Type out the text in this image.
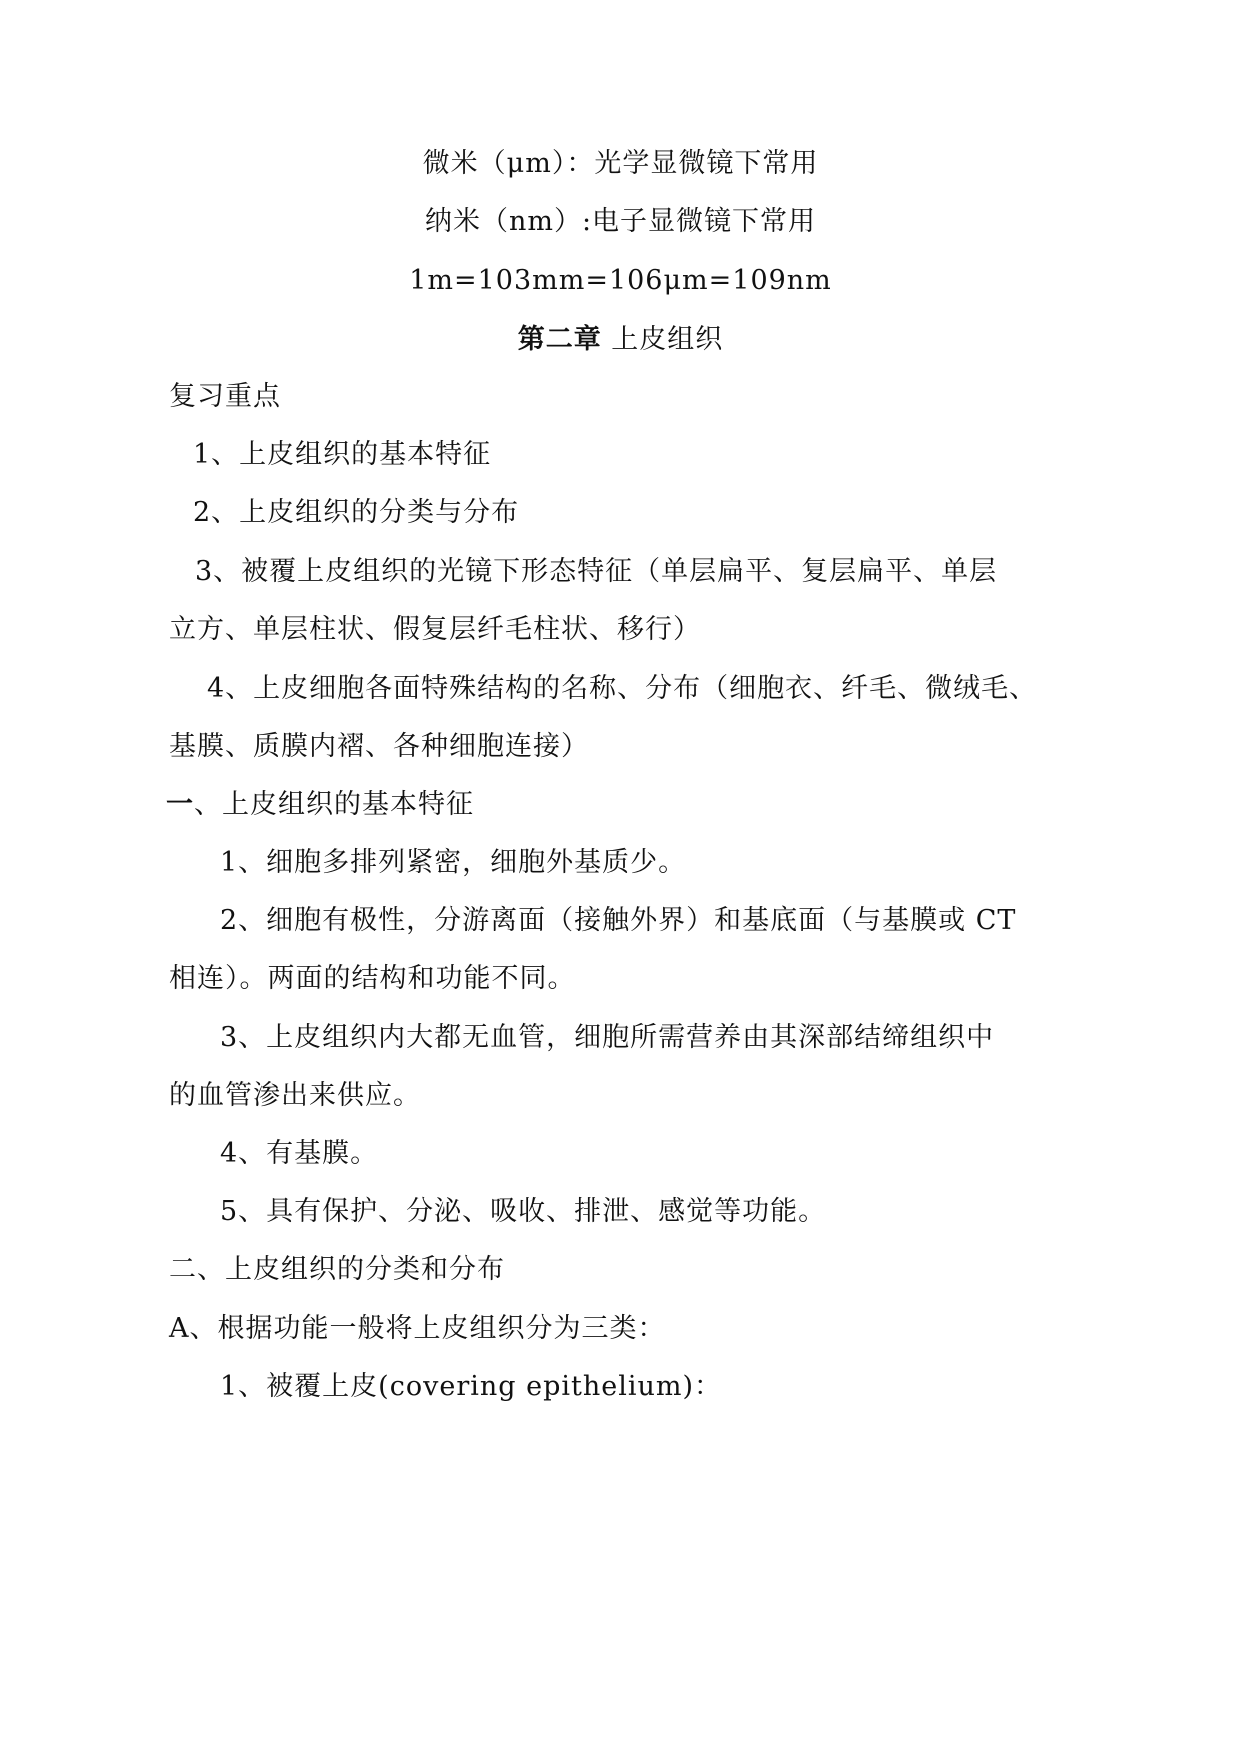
微米（μm）：光学显微镜下常用
纳米（nm）:电子显微镜下常用
1m=103mm=106μm=109nm
第二章 上皮组织
复习重点
1、上皮组织的基本特征
2、上皮组织的分类与分布
3、被覆上皮组织的光镜下形态特征（单层扁平、复层扁平、单层
立方、单层柱状、假复层纤毛柱状、移行）
4、上皮细胞各面特殊结构的名称、分布（细胞衣、纤毛、微绒毛、
基膜、质膜内褶、各种细胞连接）
一、上皮组织的基本特征
1、细胞多排列紧密，细胞外基质少。
2、细胞有极性，分游离面（接触外界）和基底面（与基膜或 CT
相连）。两面的结构和功能不同。
3、上皮组织内大都无血管，细胞所需营养由其深部结缔组织中
的血管渗出来供应。
4、有基膜。
5、具有保护、分泌、吸收、排泄、感觉等功能。
二、上皮组织的分类和分布
A、根据功能一般将上皮组织分为三类：
1、被覆上皮(covering epithelium)：
